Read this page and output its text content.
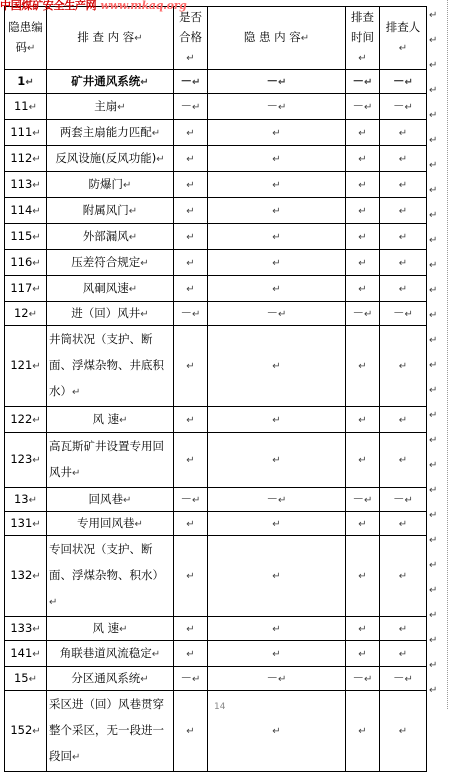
中国煤矿安全生产网 www.mkaq.org
隐患编码↵	排 查 内 容↵	是否合格↵	隐 患 内 容↵	排查时间↵	排查人↵
1↵	矿井通风系统↵	－↵	－↵	－↵	－↵
11↵	主扇↵	－↵	－↵	－↵	－↵
111↵	两套主扇能力匹配↵	↵	↵	↵	↵
112↵	反风设施(反风功能)↵	↵	↵	↵	↵
113↵	防爆门↵	↵	↵	↵	↵
114↵	附属风门↵	↵	↵	↵	↵
115↵	外部漏风↵	↵	↵	↵	↵
116↵	压差符合规定↵	↵	↵	↵	↵
117↵	风硐风速↵	↵	↵	↵	↵
12↵	进（回）风井↵	－↵	－↵	－↵	－↵
121↵	井筒状况（支护、断面、浮煤杂物、井底积水）↵	↵	↵	↵	↵
122↵	风 速↵	↵	↵	↵	↵
123↵	高瓦斯矿井设置专用回风井↵	↵	↵	↵	↵
13↵	回风巷↵	－↵	－↵	－↵	－↵
131↵	专用回风巷↵	↵	↵	↵	↵
132↵	专回状况（支护、断面、浮煤杂物、积水）↵	↵	↵	↵	↵
133↵	风 速↵	↵	↵	↵	↵
141↵	角联巷道风流稳定↵	↵	↵	↵	↵
15↵	分区通风系统↵	－↵	－↵	－↵	－↵
152↵	采区进（回）风巷贯穿整个采区，无一段进一段回↵	↵	↵	↵	↵
↵
↵
↵
↵
↵
↵
↵
↵
↵
↵
↵
↵
↵
↵
↵
↵
↵
↵
↵
↵
↵
↵
↵
↵
↵
↵
↵
↵
14
